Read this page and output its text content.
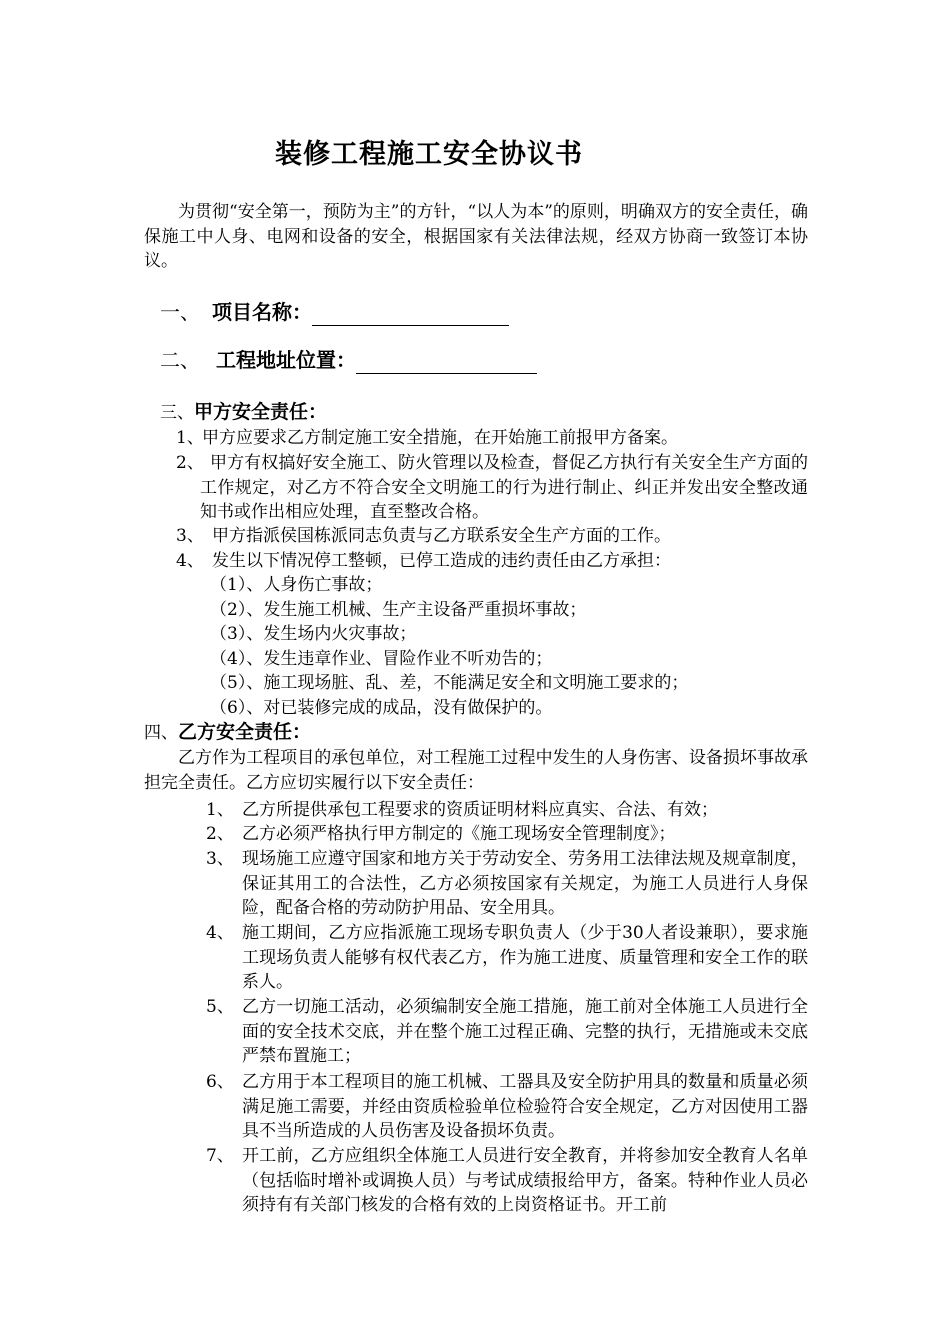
装修工程施工安全协议书
为贯彻“安全第一，预防为主”的方针，“以人为本”的原则，明确双方的安全责任，确保施工中人身、电网和设备的安全，根据国家有关法律法规，经双方协商一致签订本协议。
一、 项目名称：
二、 工程地址位置：
三、甲方安全责任：
1、
甲方应要求乙方制定施工安全措施，在开始施工前报甲方备案。
2、 甲方有权搞好安全施工、防火管理以及检查，督促乙方执行有关安全生产方面的工作规定，对乙方不符合安全文明施工的行为进行制止、纠正并发出安全整改通知书或作出相应处理，直至整改合格。
3、 甲方指派侯国栋派同志负责与乙方联系安全生产方面的工作。
4、 发生以下情况停工整顿，已停工造成的违约责任由乙方承担：
（1）、人身伤亡事故；
（2）、发生施工机械、生产主设备严重损坏事故；
（3）、发生场内火灾事故；
（4）、发生违章作业、冒险作业不听劝告的；
（5）、施工现场脏、乱、差，不能满足安全和文明施工要求的；
（6）、对已装修完成的成品，没有做保护的。
四、乙方安全责任：
乙方作为工程项目的承包单位，对工程施工过程中发生的人身伤害、设备损坏事故承担完全责任。乙方应切实履行以下安全责任：
1、 乙方所提供承包工程要求的资质证明材料应真实、合法、有效；
2、 乙方必须严格执行甲方制定的《施工现场安全管理制度》；
3、 现场施工应遵守国家和地方关于劳动安全、劳务用工法律法规及规章制度，保证其用工的合法性，乙方必须按国家有关规定，为施工人员进行人身保险，配备合格的劳动防护用品、安全用具。
4、 施工期间，乙方应指派施工现场专职负责人（少于30人者设兼职），要求施工现场负责人能够有权代表乙方，作为施工进度、质量管理和安全工作的联系人。
5、 乙方一切施工活动，必须编制安全施工措施，施工前对全体施工人员进行全面的安全技术交底，并在整个施工过程正确、完整的执行，无措施或未交底严禁布置施工；
6、 乙方用于本工程项目的施工机械、工器具及安全防护用具的数量和质量必须满足施工需要，并经由资质检验单位检验符合安全规定，乙方对因使用工器具不当所造成的人员伤害及设备损坏负责。
7、 开工前，乙方应组织全体施工人员进行安全教育，并将参加安全教育人名单（包括临时增补或调换人员）与考试成绩报给甲方，备案。特种作业人员必须持有有关部门核发的合格有效的上岗资格证书。开工前
